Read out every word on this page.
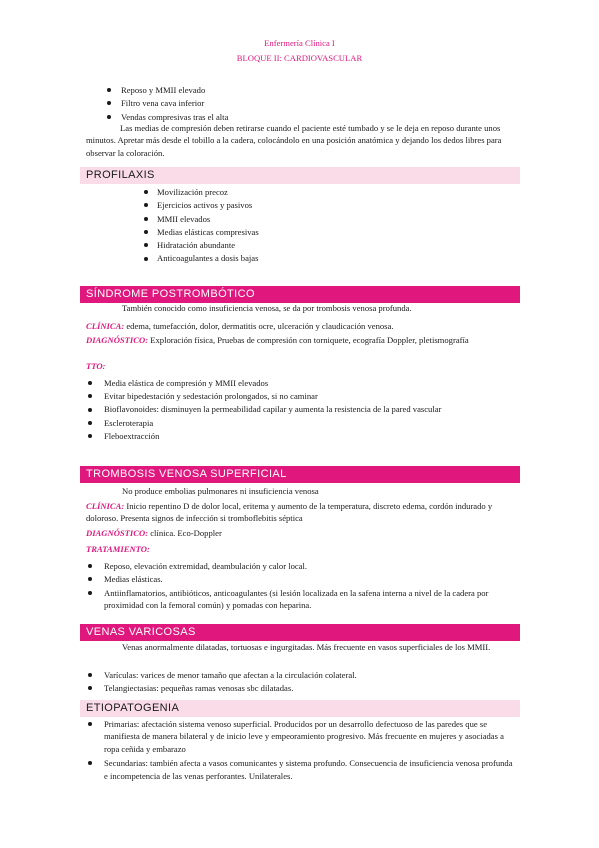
Enfermería Clínica I
BLOQUE II: CARDIOVASCULAR
Reposo y MMII elevado
Filtro vena cava inferior
Vendas compresivas tras el alta
Las medias de compresión deben retirarse cuando el paciente esté tumbado y se le deja en reposo durante unos minutos. Apretar más desde el tobillo a la cadera, colocándolo en una posición anatómica y dejando los dedos libres para observar la coloración.
PROFILAXIS
Movilización precoz
Ejercicios activos y pasivos
MMII elevados
Medias elásticas compresivas
Hidratación abundante
Anticoagulantes a dosis bajas
SÍNDROME POSTROMBÓTICO
También conocido como insuficiencia venosa, se da por trombosis venosa profunda.
CLÍNICA: edema, tumefacción, dolor, dermatitis ocre, ulceración y claudicación venosa.
DIAGNÓSTICO: Exploración física, Pruebas de compresión con torniquete, ecografía Doppler, pletismografía
TTO:
Media elástica de compresión y MMII elevados
Evitar bipedestación y sedestación prolongados, si no caminar
Bioflavonoides: disminuyen la permeabilidad capilar y aumenta la resistencia de la pared vascular
Escleroterapia
Fleboextracción
TROMBOSIS VENOSA SUPERFICIAL
No produce embolias pulmonares ni insuficiencia venosa
CLÍNICA: Inicio repentino D de dolor local, eritema y aumento de la temperatura, discreto edema, cordón indurado y doloroso. Presenta signos de infección si tromboflebitis séptica
DIAGNÓSTICO: clínica. Eco-Doppler
TRATAMIENTO:
Reposo, elevación extremidad, deambulación y calor local.
Medias elásticas.
Antiinflamatorios, antibióticos, anticoagulantes (si lesión localizada en la safena interna a nivel de la cadera por proximidad con la femoral común) y pomadas con heparina.
VENAS VARICOSAS
Venas anormalmente dilatadas, tortuosas e ingurgitadas. Más frecuente en vasos superficiales de los MMII.
Varículas: varices de menor tamaño que afectan a la circulación colateral.
Telangiectasias: pequeñas ramas venosas sbc dilatadas.
ETIOPATOGENIA
Primarias: afectación sistema venoso superficial. Producidos por un desarrollo defectuoso de las paredes que se manifiesta de manera bilateral y de inicio leve y empeoramiento progresivo. Más frecuente en mujeres y asociadas a ropa ceñida y embarazo
Secundarias: también afecta a vasos comunicantes y sistema profundo. Consecuencia de insuficiencia venosa profunda e incompetencia de las venas perforantes. Unilaterales.
